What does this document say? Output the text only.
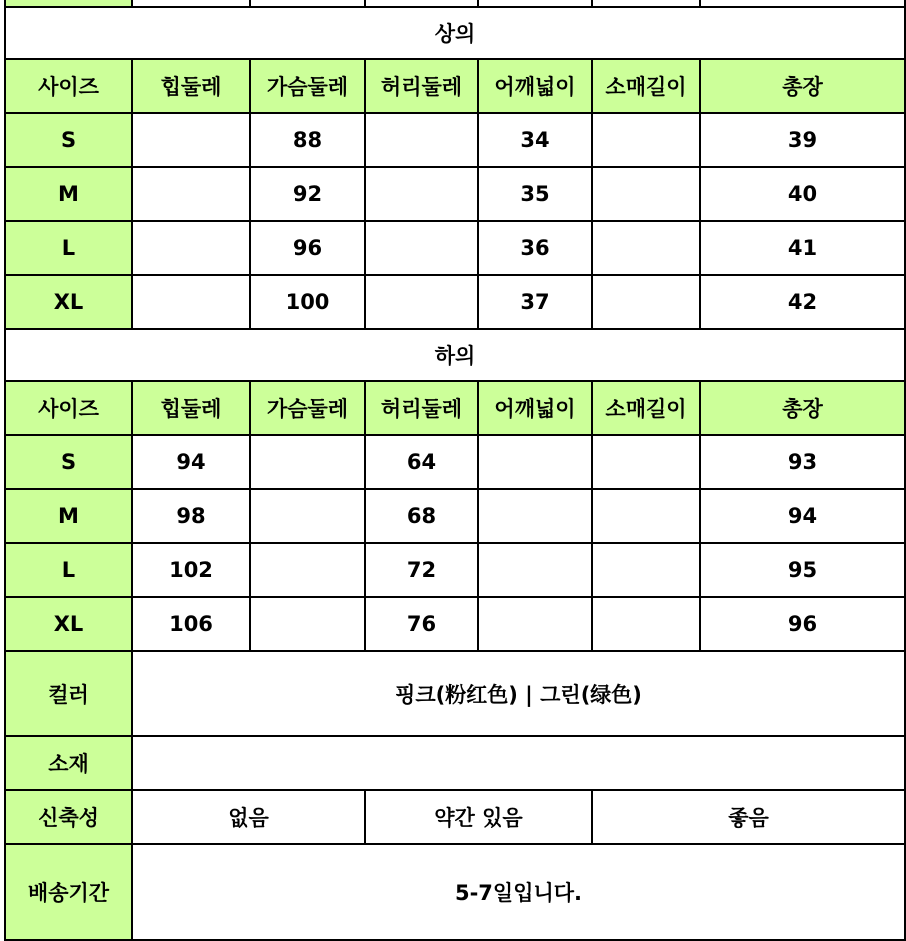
상의						
사이즈	힙둘레	가슴둘레	허리둘레	어깨넓이	소매길이	총장
S		88		34		39
M		92		35		40
L		96		36		41
XL		100		37		42
하의						
사이즈	힙둘레	가슴둘레	허리둘레	어깨넓이	소매길이	총장
S	94		64			93
M	98		68			94
L	102		72			95
XL	106		76			96
컬러	핑크(粉红色) | 그린(绿色)					
소재						
신축성	없음		약간 있음		좋음	
배송기간	5-7일입니다.					
